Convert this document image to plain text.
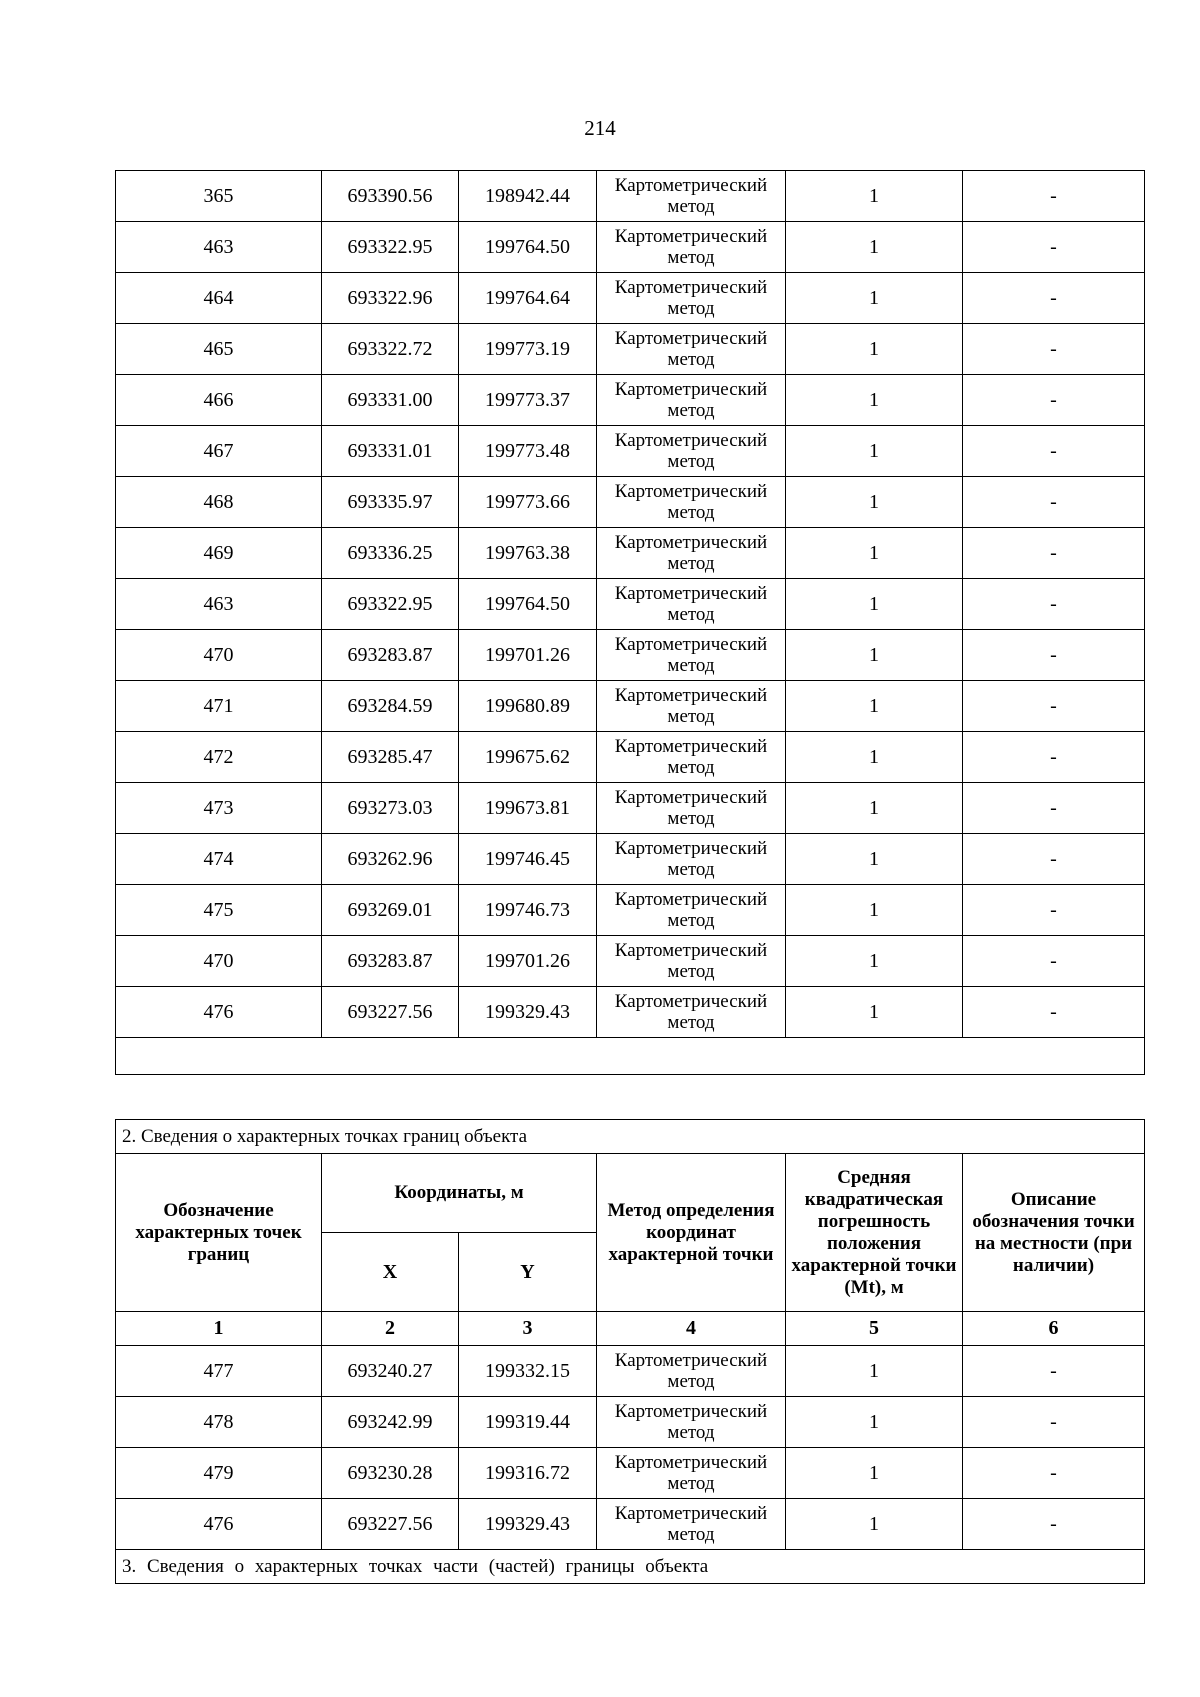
214
365	693390.56	198942.44	Картометрический метод	1	-
463	693322.95	199764.50	Картометрический метод	1	-
464	693322.96	199764.64	Картометрический метод	1	-
465	693322.72	199773.19	Картометрический метод	1	-
466	693331.00	199773.37	Картометрический метод	1	-
467	693331.01	199773.48	Картометрический метод	1	-
468	693335.97	199773.66	Картометрический метод	1	-
469	693336.25	199763.38	Картометрический метод	1	-
463	693322.95	199764.50	Картометрический метод	1	-
470	693283.87	199701.26	Картометрический метод	1	-
471	693284.59	199680.89	Картометрический метод	1	-
472	693285.47	199675.62	Картометрический метод	1	-
473	693273.03	199673.81	Картометрический метод	1	-
474	693262.96	199746.45	Картометрический метод	1	-
475	693269.01	199746.73	Картометрический метод	1	-
470	693283.87	199701.26	Картометрический метод	1	-
476	693227.56	199329.43	Картометрический метод	1	-

2. Сведения о характерных точках границ объекта					
Обозначение характерных точек границ	Координаты, м		Метод определения координат характерной точки	Средняя квадратическая погрешность положения характерной точки (Mt), м	Описание обозначения точки на местности (при наличии)
	X	Y			
1	2	3	4	5	6
477	693240.27	199332.15	Картометрический метод	1	-
478	693242.99	199319.44	Картометрический метод	1	-
479	693230.28	199316.72	Картометрический метод	1	-
476	693227.56	199329.43	Картометрический метод	1	-
3. Сведения о характерных точках части (частей) границы объекта					
